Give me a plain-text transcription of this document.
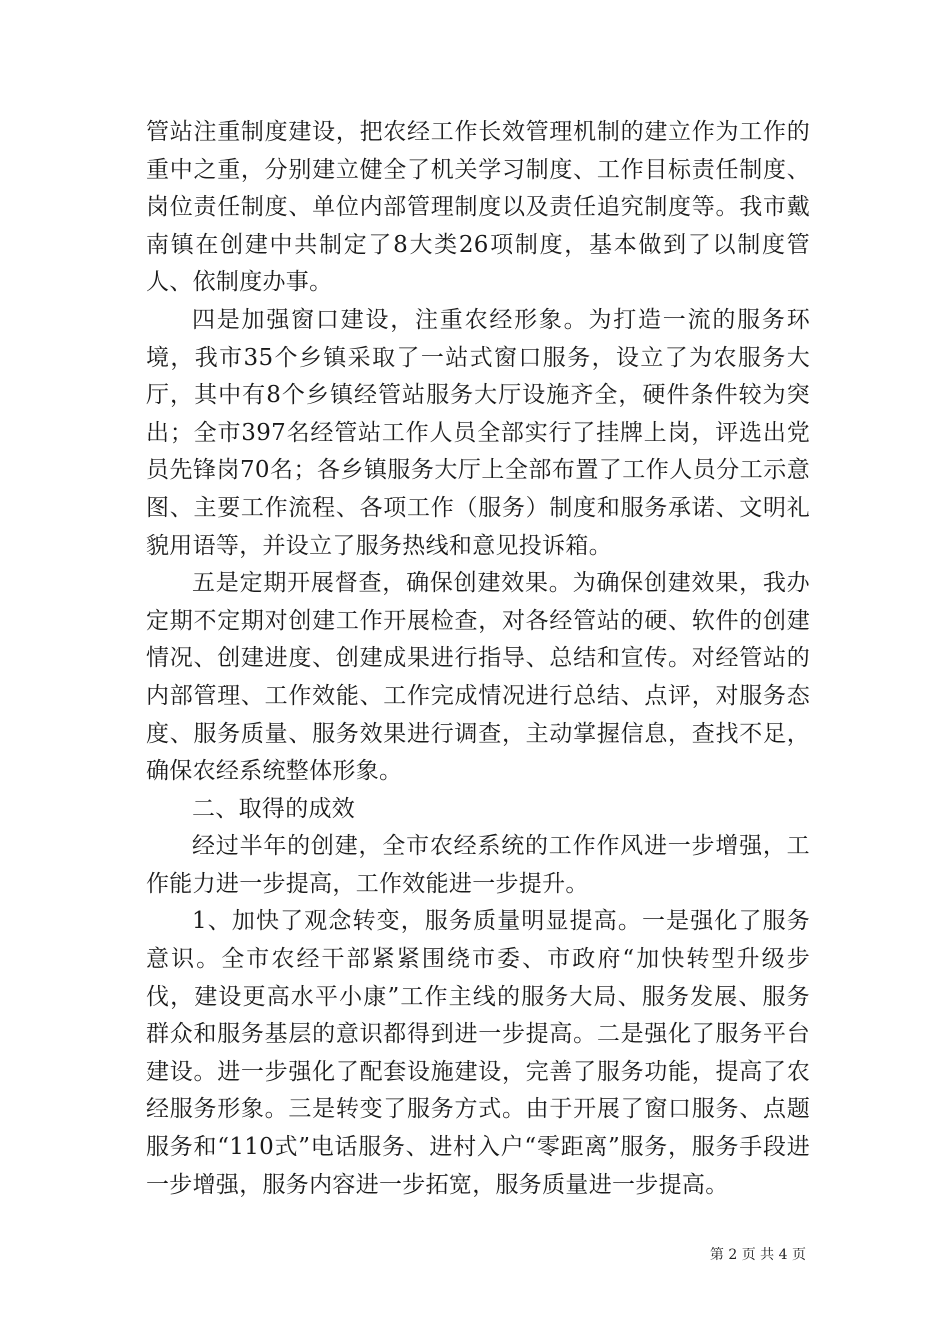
管站注重制度建设，把农经工作长效管理机制的建立作为工作的重中之重，分别建立健全了机关学习制度、工作目标责任制度、岗位责任制度、单位内部管理制度以及责任追究制度等。我市戴南镇在创建中共制定了8大类26项制度，基本做到了以制度管人、依制度办事。

四是加强窗口建设，注重农经形象。为打造一流的服务环境，我市35个乡镇采取了一站式窗口服务，设立了为农服务大厅，其中有8个乡镇经管站服务大厅设施齐全，硬件条件较为突出；全市397名经管站工作人员全部实行了挂牌上岗，评选出党员先锋岗70名；各乡镇服务大厅上全部布置了工作人员分工示意图、主要工作流程、各项工作（服务）制度和服务承诺、文明礼貌用语等，并设立了服务热线和意见投诉箱。

五是定期开展督查，确保创建效果。为确保创建效果，我办定期不定期对创建工作开展检查，对各经管站的硬、软件的创建情况、创建进度、创建成果进行指导、总结和宣传。对经管站的内部管理、工作效能、工作完成情况进行总结、点评，对服务态度、服务质量、服务效果进行调查，主动掌握信息，查找不足，确保农经系统整体形象。

二、取得的成效

经过半年的创建，全市农经系统的工作作风进一步增强，工作能力进一步提高，工作效能进一步提升。

1、加快了观念转变，服务质量明显提高。一是强化了服务意识。全市农经干部紧紧围绕市委、市政府“加快转型升级步伐，建设更高水平小康”工作主线的服务大局、服务发展、服务群众和服务基层的意识都得到进一步提高。二是强化了服务平台建设。进一步强化了配套设施建设，完善了服务功能，提高了农经服务形象。三是转变了服务方式。由于开展了窗口服务、点题服务和“110式”电话服务、进村入户“零距离”服务，服务手段进一步增强，服务内容进一步拓宽，服务质量进一步提高。

第 2 页 共 4 页
